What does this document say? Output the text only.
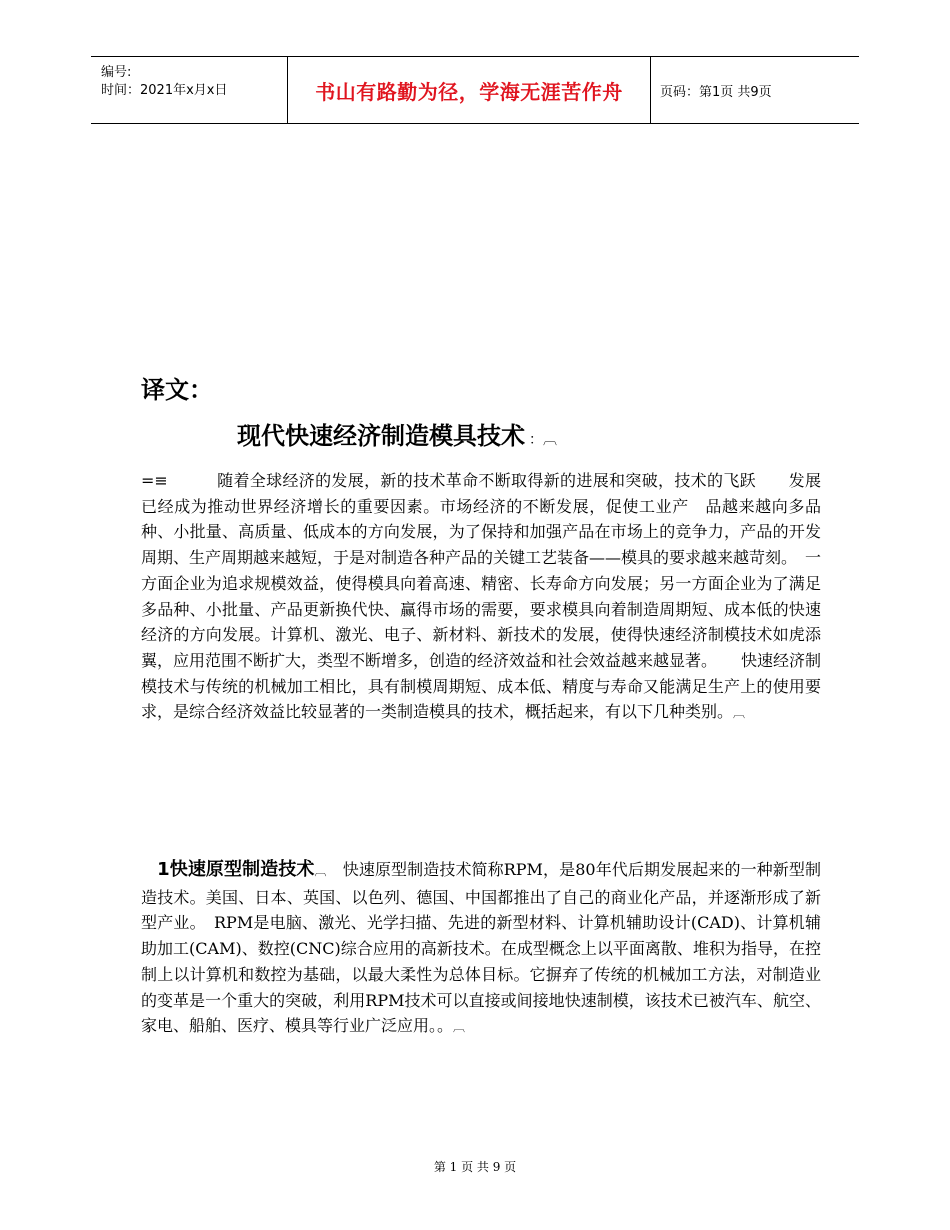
编号:
时间：2021年x月x日	书山有路勤为径，学海无涯苦作舟	页码：第1页 共9页
译文：
现代快速经济制造模具技术 ：︹
=≡　　　随着全球经济的发展，新的技术革命不断取得新的进展和突破，技术的飞跃　　发展已经成为推动世界经济增长的重要因素。市场经济的不断发展，促使工业产　品越来越向多品种、小批量、高质量、低成本的方向发展，为了保持和加强产品在市场上的竞争力，产品的开发周期、生产周期越来越短，于是对制造各种产品的关键工艺装备——模具的要求越来越苛刻。　一方面企业为追求规模效益，使得模具向着高速、精密、长寿命方向发展；另一方面企业为了满足多品种、小批量、产品更新换代快、赢得市场的需要，要求模具向着制造周期短、成本低的快速经济的方向发展。计算机、激光、电子、新材料、新技术的发展，使得快速经济制模技术如虎添翼，应用范围不断扩大，类型不断增多，创造的经济效益和社会效益越来越显著。　　快速经济制模技术与传统的机械加工相比，具有制模周期短、成本低、精度与寿命又能满足生产上的使用要求，是综合经济效益比较显著的一类制造模具的技术，概括起来，有以下几种类别。︹
　1快速原型制造技术︹　 快速原型制造技术简称RPM，是80年代后期发展起来的一种新型制造技术。美国、日本、英国、以色列、德国、中国都推出了自己的商业化产品，并逐渐形成了新型产业。　RPM是电脑、激光、光学扫描、先进的新型材料、计算机辅助设计(CAD)、计算机辅助加工(CAM)、数控(CNC)综合应用的高新技术。在成型概念上以平面离散、堆积为指导，在控制上以计算机和数控为基础，以最大柔性为总体目标。它摒弃了传统的机械加工方法，对制造业的变革是一个重大的突破，利用RPM技术可以直接或间接地快速制模，该技术已被汽车、航空、家电、船舶、医疗、模具等行业广泛应用。。︹
第 1 页 共 9 页
